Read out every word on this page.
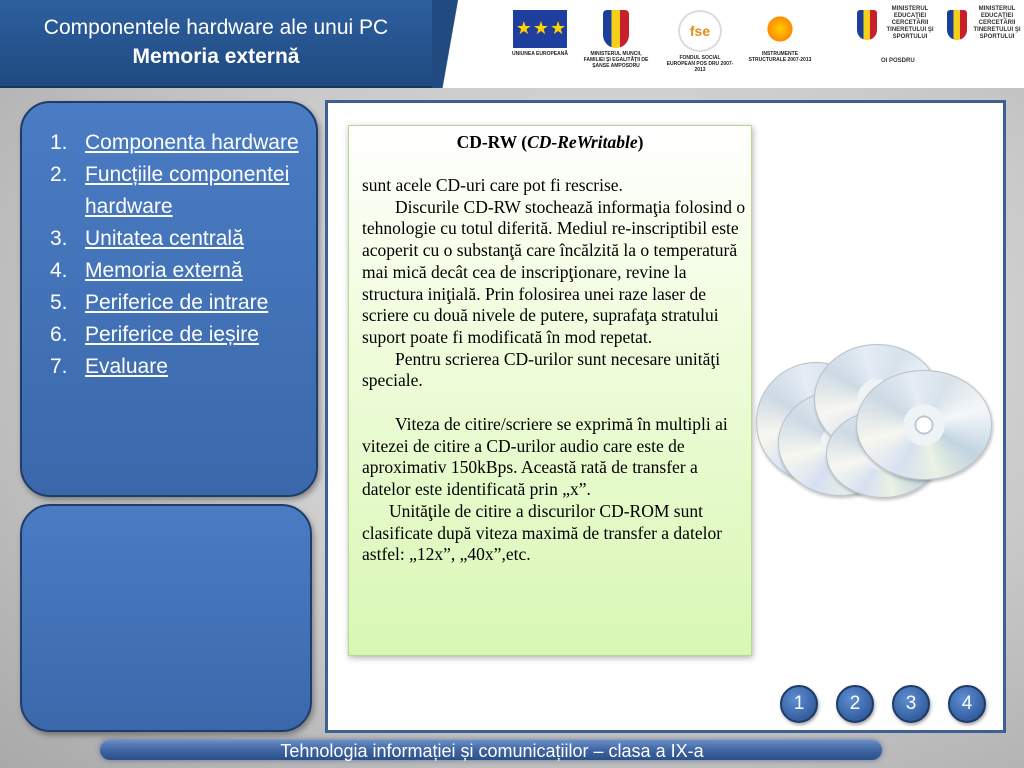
Componentele hardware ale unui PC
Memoria externă
★ ★ ★
UNIUNEA EUROPEANĂ	MINISTERUL MUNCII, FAMILIEI ŞI EGALITĂŢII DE ŞANSE AMPOSDRU
fse
FONDUL SOCIAL EUROPEAN POS DRU 2007-2013
INSTRUMENTE STRUCTURALE 2007-2013
MINISTERUL EDUCAŢIEI CERCETĂRII TINERETULUI ŞI SPORTULUI
OI POSDRU
MINISTERUL EDUCAŢIEI CERCETĂRII TINERETULUI ŞI SPORTULUI
1. Componenta hardware
2. Funcțiile componentei hardware
3. Unitatea centrală
4. Memoria externă
5. Periferice de intrare
6. Periferice de ieșire
7. Evaluare
CD-RW (CD-ReWritable)

sunt acele CD-uri care pot fi rescrise.

Discurile CD-RW stochează informaţia folosind o tehnologie cu totul diferită. Mediul re-inscriptibil este acoperit cu o substanţă care încălzită la o temperatură mai mică decât cea de inscripţionare, revine la structura iniţială. Prin folosirea unei raze laser de scriere cu două nivele de putere, suprafaţa stratului suport poate fi modificată în mod repetat.

Pentru scrierea CD-urilor sunt necesare unităţi speciale.

Viteza de citire/scriere se exprimă în multipli ai vitezei de citire a CD-urilor audio care este de aproximativ 150kBps. Această rată de transfer a datelor este identificată prin „x”.

Unităţile de citire a discurilor CD-ROM sunt clasificate după viteza maximă de transfer a datelor astfel: „12x”, „40x”,etc.

1	2	3	4
Tehnologia informației și comunicațiilor – clasa a IX-a
